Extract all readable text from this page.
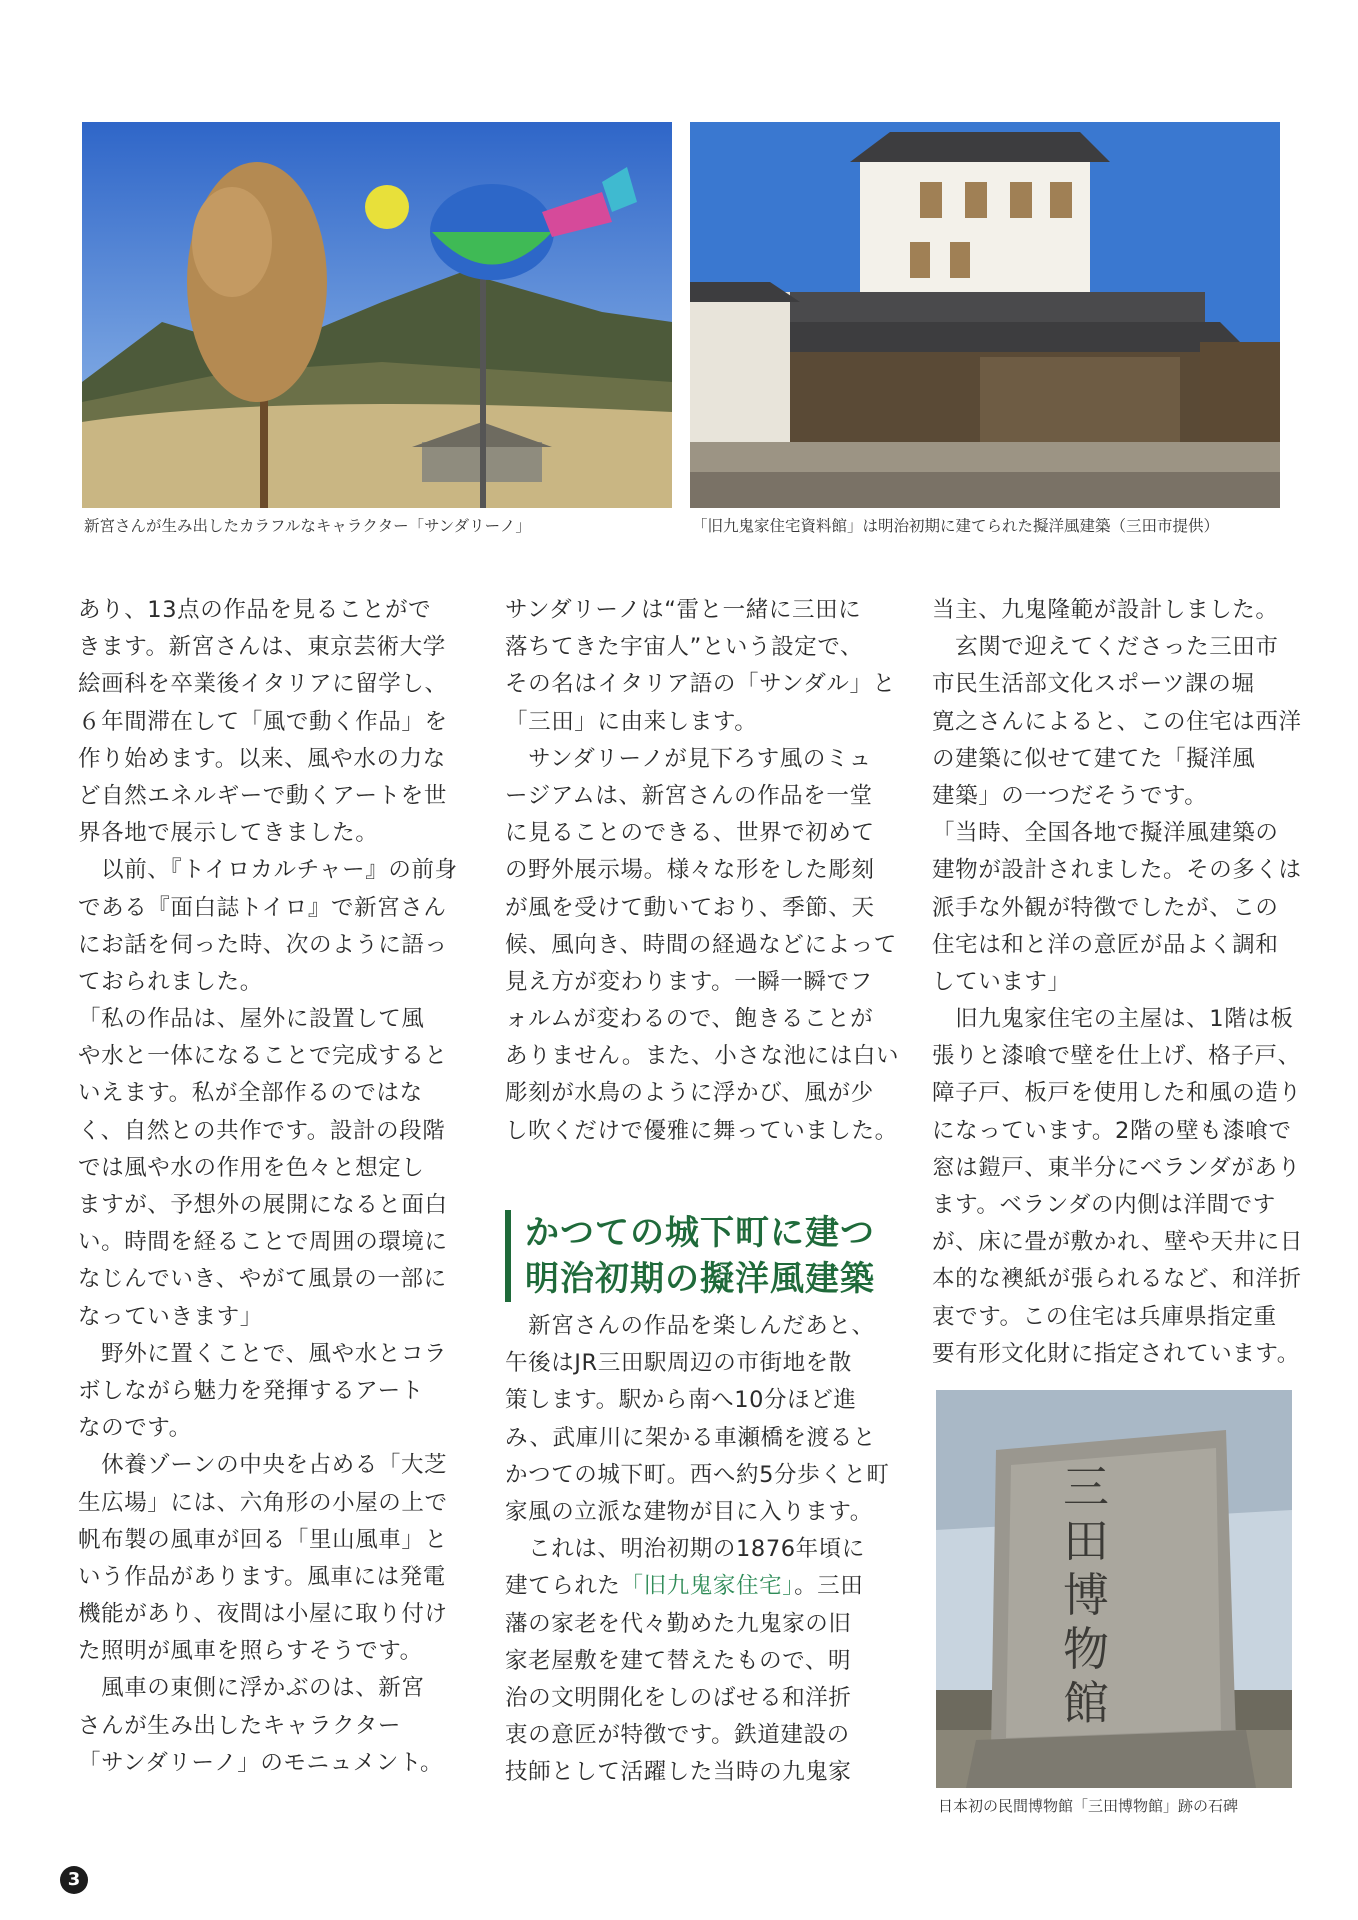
新宮さんが生み出したカラフルなキャラクター「サンダリーノ」	「旧九鬼家住宅資料館」は明治初期に建てられた擬洋風建築（三田市提供）
あり、13点の作品を見ることがで
きます。新宮さんは、東京芸術大学
絵画科を卒業後イタリアに留学し、
６年間滞在して「風で動く作品」を
作り始めます。以来、風や水の力な
ど自然エネルギーで動くアートを世
界各地で展示してきました。
　以前、『トイロカルチャー』の前身
である『面白誌トイロ』で新宮さん
にお話を伺った時、次のように語っ
ておられました。
「私の作品は、屋外に設置して風
や水と一体になることで完成すると
いえます。私が全部作るのではな
く、自然との共作です。設計の段階
では風や水の作用を色々と想定し
ますが、予想外の展開になると面白
い。時間を経ることで周囲の環境に
なじんでいき、やがて風景の一部に
なっていきます」
　野外に置くことで、風や水とコラ
ボしながら魅力を発揮するアート
なのです。
　休養ゾーンの中央を占める「大芝
生広場」には、六角形の小屋の上で
帆布製の風車が回る「里山風車」と
いう作品があります。風車には発電
機能があり、夜間は小屋に取り付け
た照明が風車を照らすそうです。
　風車の東側に浮かぶのは、新宮
さんが生み出したキャラクター
「サンダリーノ」のモニュメント。
サンダリーノは“雷と一緒に三田に
落ちてきた宇宙人”という設定で、
その名はイタリア語の「サンダル」と
「三田」に由来します。
　サンダリーノが見下ろす風のミュ
ージアムは、新宮さんの作品を一堂
に見ることのできる、世界で初めて
の野外展示場。様々な形をした彫刻
が風を受けて動いており、季節、天
候、風向き、時間の経過などによって
見え方が変わります。一瞬一瞬でフ
ォルムが変わるので、飽きることが
ありません。また、小さな池には白い
彫刻が水鳥のように浮かび、風が少
し吹くだけで優雅に舞っていました。
かつての城下町に建つ
明治初期の擬洋風建築
　新宮さんの作品を楽しんだあと、
午後はJR三田駅周辺の市街地を散
策します。駅から南へ10分ほど進
み、武庫川に架かる車瀬橋を渡ると
かつての城下町。西へ約5分歩くと町
家風の立派な建物が目に入ります。
　これは、明治初期の1876年頃に
建てられた「旧九鬼家住宅」。三田
藩の家老を代々勤めた九鬼家の旧
家老屋敷を建て替えたもので、明
治の文明開化をしのばせる和洋折
衷の意匠が特徴です。鉄道建設の
技師として活躍した当時の九鬼家
当主、九鬼隆範が設計しました。
　玄関で迎えてくださった三田市
市民生活部文化スポーツ課の堀
寛之さんによると、この住宅は西洋
の建築に似せて建てた「擬洋風
建築」の一つだそうです。
「当時、全国各地で擬洋風建築の
建物が設計されました。その多くは
派手な外観が特徴でしたが、この
住宅は和と洋の意匠が品よく調和
しています」
　旧九鬼家住宅の主屋は、1階は板
張りと漆喰で壁を仕上げ、格子戸、
障子戸、板戸を使用した和風の造り
になっています。2階の壁も漆喰で
窓は鎧戸、東半分にベランダがあり
ます。ベランダの内側は洋間です
が、床に畳が敷かれ、壁や天井に日
本的な襖紙が張られるなど、和洋折
衷です。この住宅は兵庫県指定重
要有形文化財に指定されています。
三田博物館
日本初の民間博物館「三田博物館」跡の石碑
3
